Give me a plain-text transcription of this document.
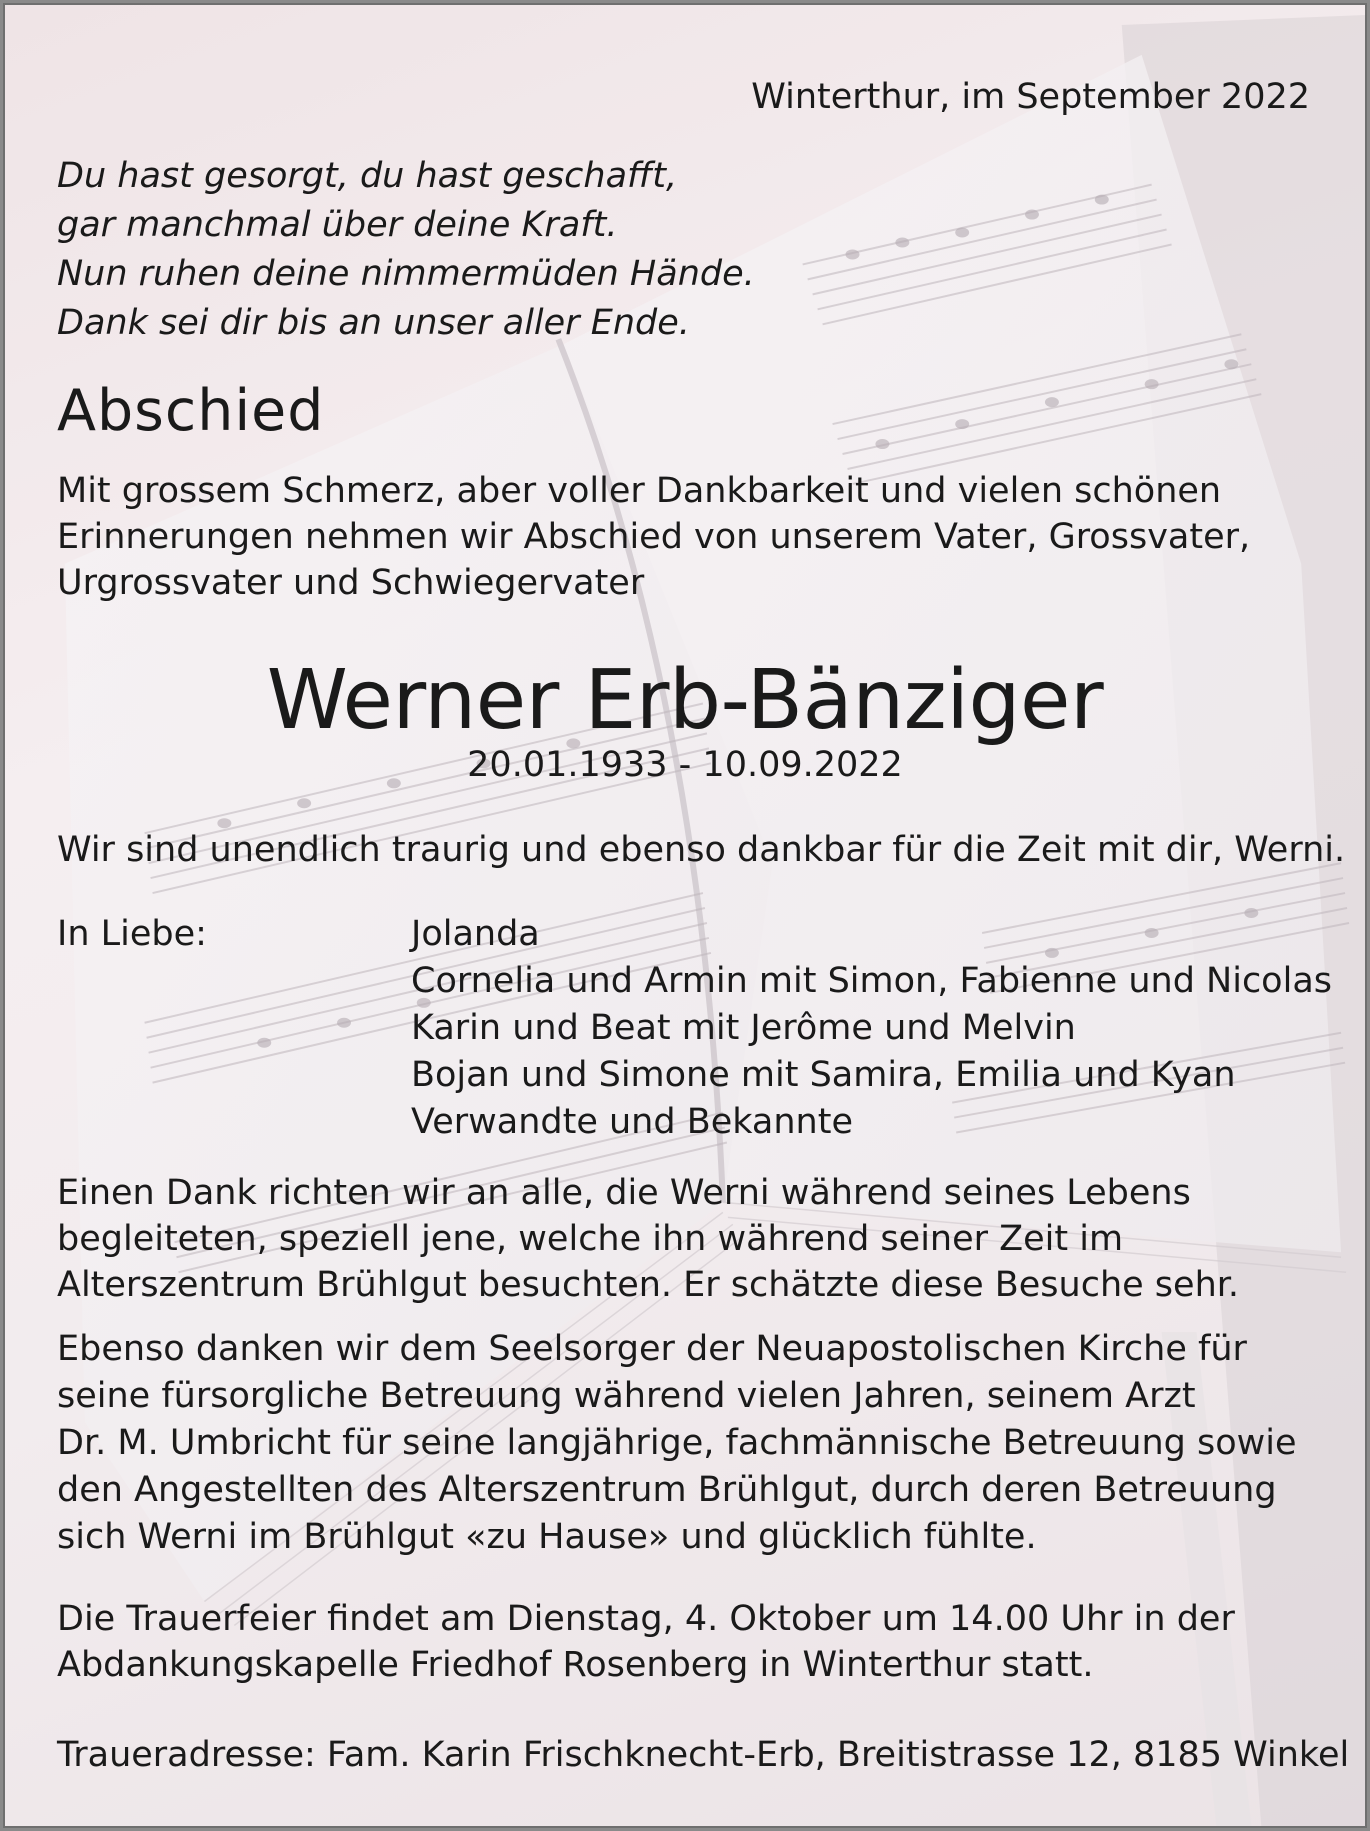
Winterthur, im September 2022

Du hast gesorgt, du hast geschafft,
gar manchmal über deine Kraft.
Nun ruhen deine nimmermüden Hände.
Dank sei dir bis an unser aller Ende.
Abschied
Mit grossem Schmerz, aber voller Dankbarkeit und vielen schönen
Erinnerungen nehmen wir Abschied von unserem Vater, Grossvater,
Urgrossvater und Schwiegervater
Werner Erb-Bänziger
20.01.1933 - 10.09.2022
Wir sind unendlich traurig und ebenso dankbar für die Zeit mit dir, Werni.
In Liebe:	Jolanda
Cornelia und Armin mit Simon, Fabienne und Nicolas
Karin und Beat mit Jerôme und Melvin
Bojan und Simone mit Samira, Emilia und Kyan
Verwandte und Bekannte
Einen Dank richten wir an alle, die Werni während seines Lebens
begleiteten, speziell jene, welche ihn während seiner Zeit im
Alterszentrum Brühlgut besuchten. Er schätzte diese Besuche sehr.
Ebenso danken wir dem Seelsorger der Neuapostolischen Kirche für
seine fürsorgliche Betreuung während vielen Jahren, seinem Arzt
Dr. M. Umbricht für seine langjährige, fachmännische Betreuung sowie
den Angestellten des Alterszentrum Brühlgut, durch deren Betreuung
sich Werni im Brühlgut «zu Hause» und glücklich fühlte.
Die Trauerfeier findet am Dienstag, 4. Oktober um 14.00 Uhr in der
Abdankungskapelle Friedhof Rosenberg in Winterthur statt.
Traueradresse: Fam. Karin Frischknecht-Erb, Breitistrasse 12, 8185 Winkel
